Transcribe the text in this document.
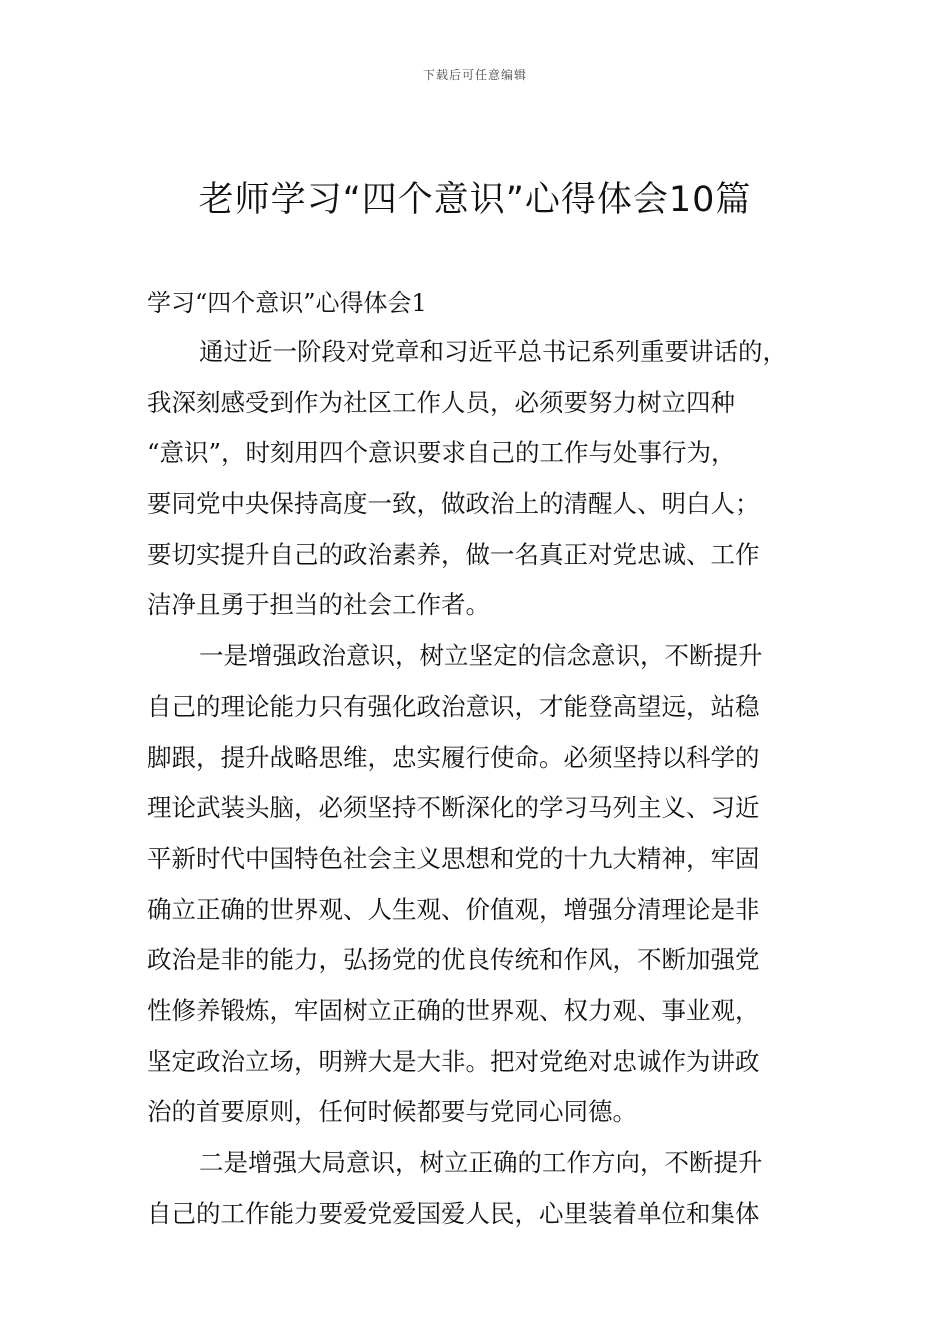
下载后可任意编辑
老师学习“四个意识”心得体会10篇
学习“四个意识”心得体会1
通过近一阶段对党章和习近平总书记系列重要讲话的，
我深刻感受到作为社区工作人员，必须要努力树立四种
“意识”，时刻用四个意识要求自己的工作与处事行为，
要同党中央保持高度一致，做政治上的清醒人、明白人；
要切实提升自己的政治素养，做一名真正对党忠诚、工作
洁净且勇于担当的社会工作者。
一是增强政治意识，树立坚定的信念意识，不断提升
自己的理论能力只有强化政治意识，才能登高望远，站稳
脚跟，提升战略思维，忠实履行使命。必须坚持以科学的
理论武装头脑，必须坚持不断深化的学习马列主义、习近
平新时代中国特色社会主义思想和党的十九大精神，牢固
确立正确的世界观、人生观、价值观，增强分清理论是非
政治是非的能力，弘扬党的优良传统和作风，不断加强党
性修养锻炼，牢固树立正确的世界观、权力观、事业观，
坚定政治立场，明辨大是大非。把对党绝对忠诚作为讲政
治的首要原则，任何时候都要与党同心同德。
二是增强大局意识，树立正确的工作方向，不断提升
自己的工作能力要爱党爱国爱人民，心里装着单位和集体
